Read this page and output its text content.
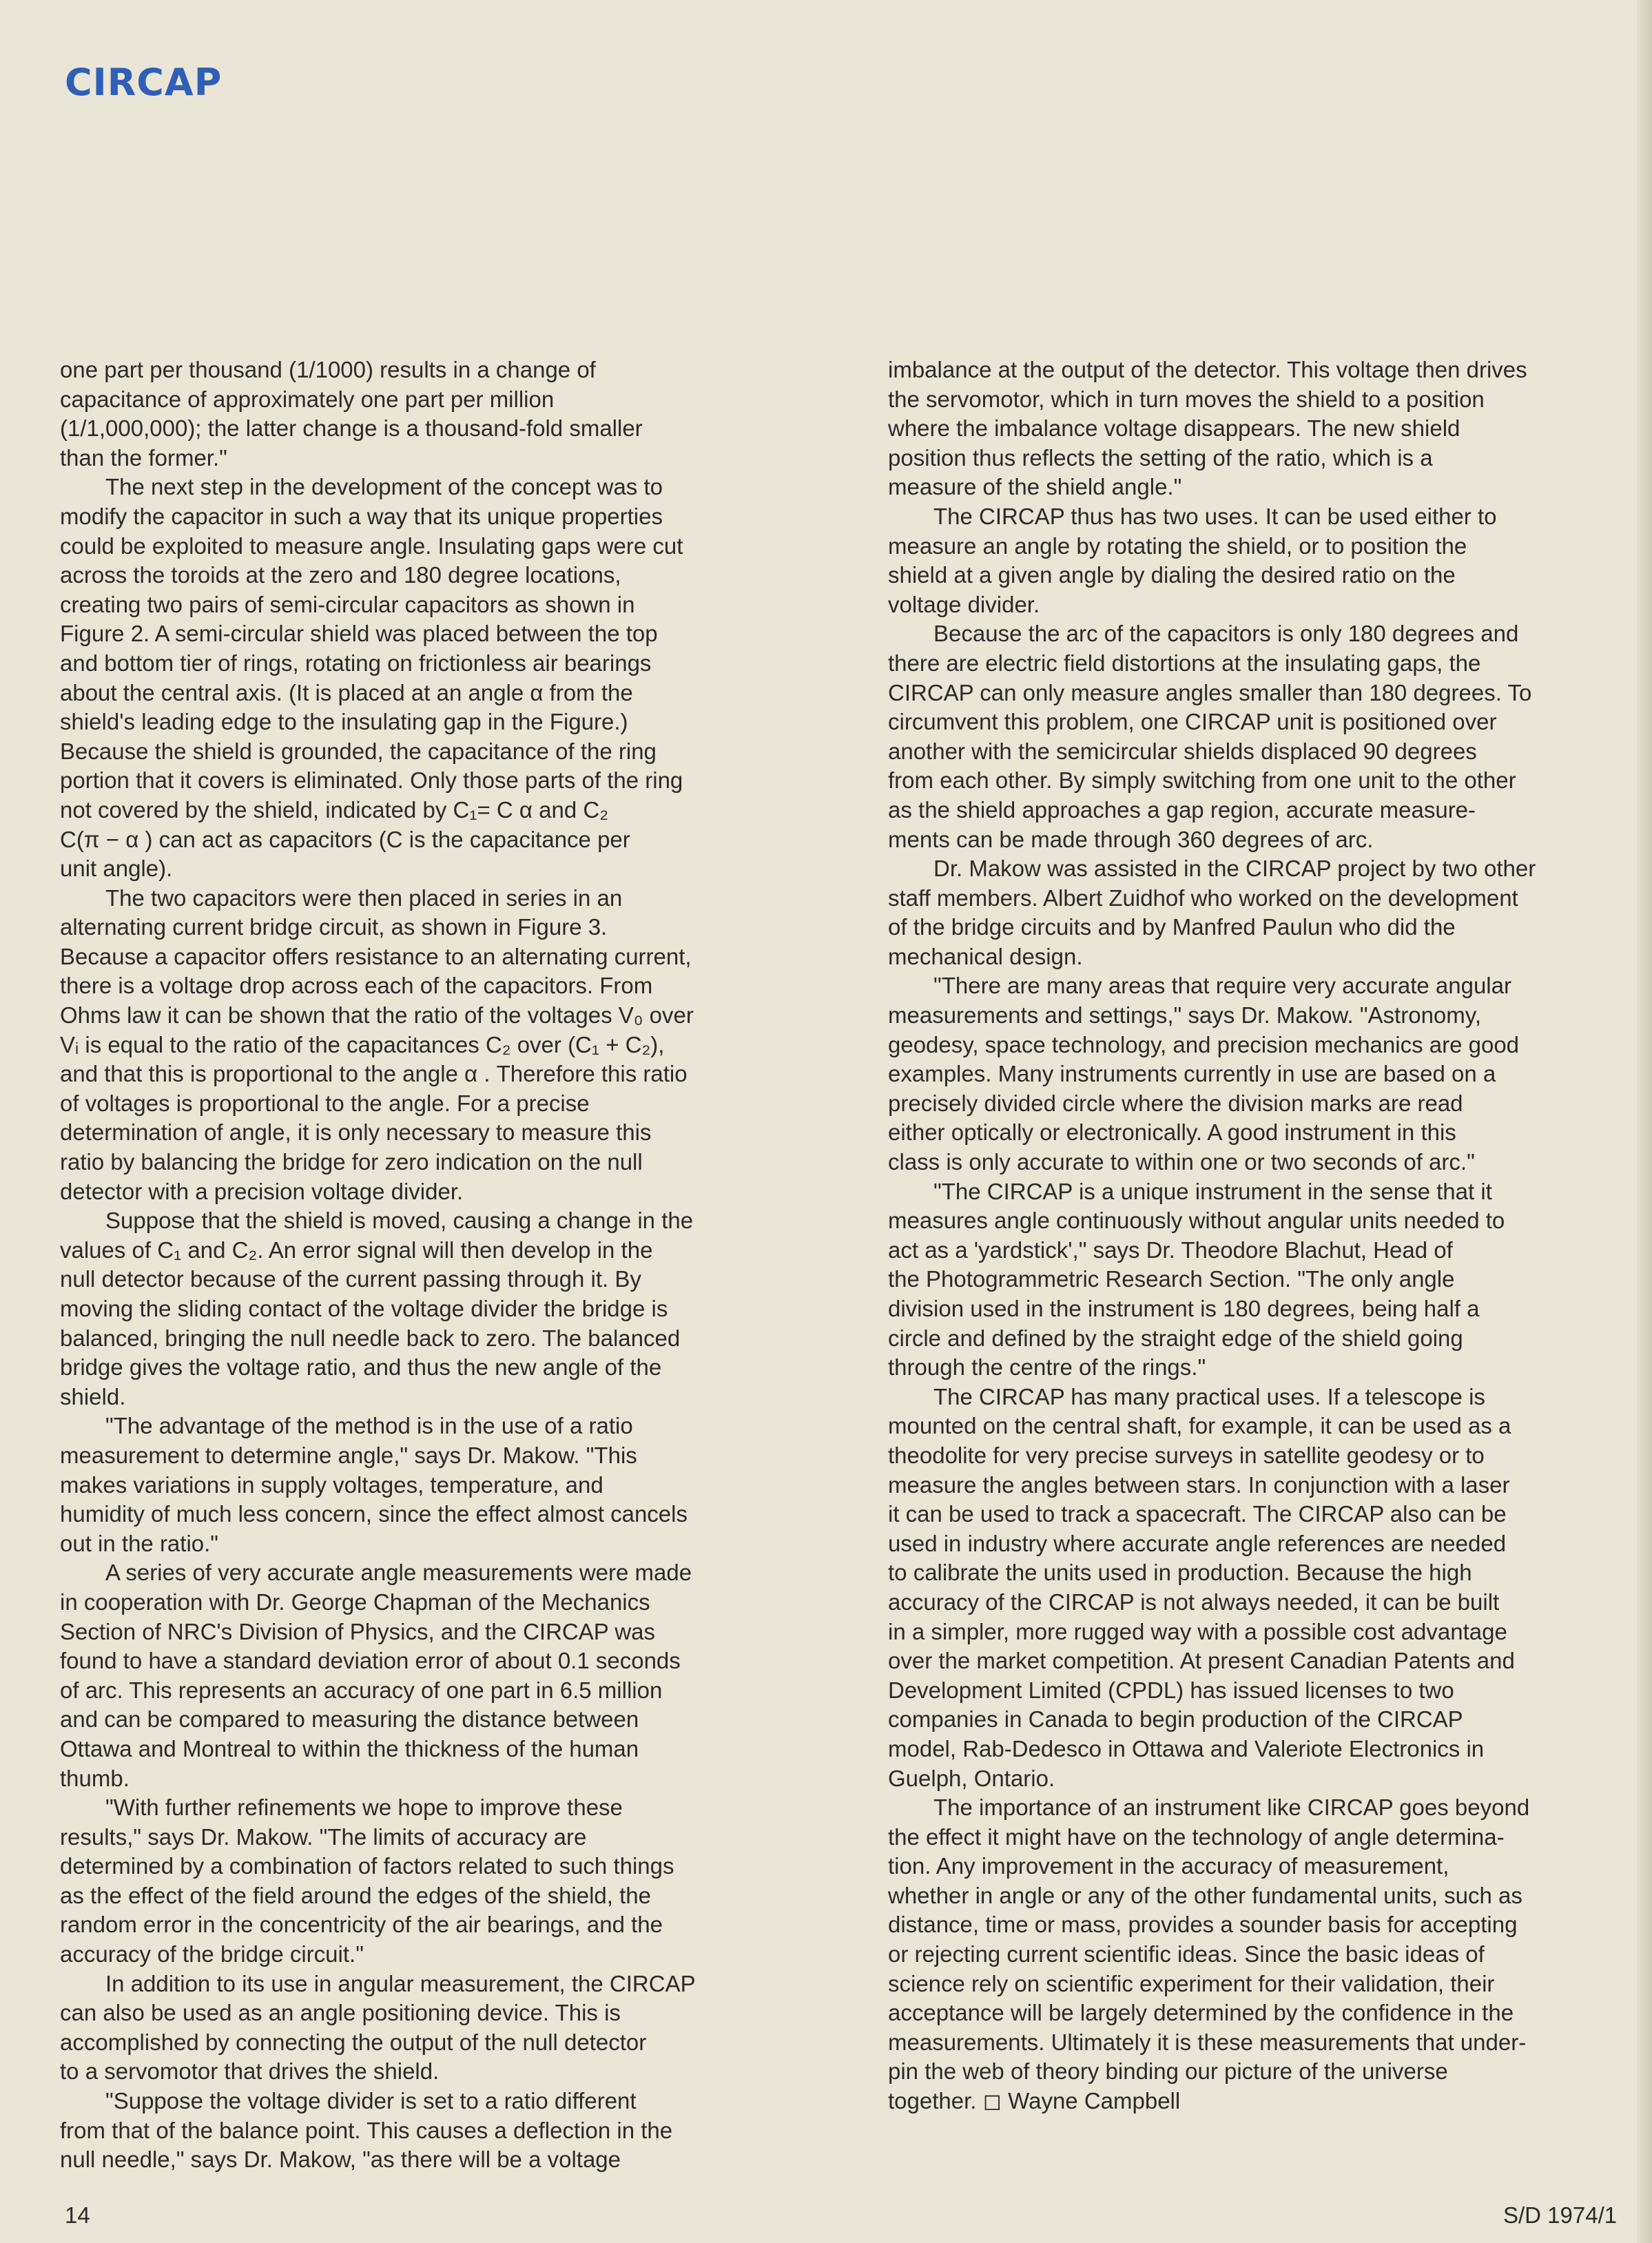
CIRCAP

one part per thousand (1/1000) results in a change of
capacitance of approximately one part per million
(1/1,000,000); the latter change is a thousand-fold smaller
than the former."

The next step in the development of the concept was to
modify the capacitor in such a way that its unique properties
could be exploited to measure angle. Insulating gaps were cut
across the toroids at the zero and 180 degree locations,
creating two pairs of semi-circular capacitors as shown in
Figure 2. A semi-circular shield was placed between the top
and bottom tier of rings, rotating on frictionless air bearings
about the central axis. (It is placed at an angle α from the
shield's leading edge to the insulating gap in the Figure.)
Because the shield is grounded, the capacitance of the ring
portion that it covers is eliminated. Only those parts of the ring
not covered by the shield, indicated by C₁= C α and C₂
C(π − α ) can act as capacitors (C is the capacitance per
unit angle).

The two capacitors were then placed in series in an
alternating current bridge circuit, as shown in Figure 3.
Because a capacitor offers resistance to an alternating current,
there is a voltage drop across each of the capacitors. From
Ohms law it can be shown that the ratio of the voltages V₀ over
Vᵢ is equal to the ratio of the capacitances C₂ over (C₁ + C₂),
and that this is proportional to the angle α . Therefore this ratio
of voltages is proportional to the angle. For a precise
determination of angle, it is only necessary to measure this
ratio by balancing the bridge for zero indication on the null
detector with a precision voltage divider.

Suppose that the shield is moved, causing a change in the
values of C₁ and C₂. An error signal will then develop in the
null detector because of the current passing through it. By
moving the sliding contact of the voltage divider the bridge is
balanced, bringing the null needle back to zero. The balanced
bridge gives the voltage ratio, and thus the new angle of the
shield.

"The advantage of the method is in the use of a ratio
measurement to determine angle," says Dr. Makow. "This
makes variations in supply voltages, temperature, and
humidity of much less concern, since the effect almost cancels
out in the ratio."

A series of very accurate angle measurements were made
in cooperation with Dr. George Chapman of the Mechanics
Section of NRC's Division of Physics, and the CIRCAP was
found to have a standard deviation error of about 0.1 seconds
of arc. This represents an accuracy of one part in 6.5 million
and can be compared to measuring the distance between
Ottawa and Montreal to within the thickness of the human
thumb.

"With further refinements we hope to improve these
results," says Dr. Makow. "The limits of accuracy are
determined by a combination of factors related to such things
as the effect of the field around the edges of the shield, the
random error in the concentricity of the air bearings, and the
accuracy of the bridge circuit."

In addition to its use in angular measurement, the CIRCAP
can also be used as an angle positioning device. This is
accomplished by connecting the output of the null detector
to a servomotor that drives the shield.

"Suppose the voltage divider is set to a ratio different
from that of the balance point. This causes a deflection in the
null needle," says Dr. Makow, "as there will be a voltage

imbalance at the output of the detector. This voltage then drives
the servomotor, which in turn moves the shield to a position
where the imbalance voltage disappears. The new shield
position thus reflects the setting of the ratio, which is a
measure of the shield angle."

The CIRCAP thus has two uses. It can be used either to
measure an angle by rotating the shield, or to position the
shield at a given angle by dialing the desired ratio on the
voltage divider.

Because the arc of the capacitors is only 180 degrees and
there are electric field distortions at the insulating gaps, the
CIRCAP can only measure angles smaller than 180 degrees. To
circumvent this problem, one CIRCAP unit is positioned over
another with the semicircular shields displaced 90 degrees
from each other. By simply switching from one unit to the other
as the shield approaches a gap region, accurate measure-
ments can be made through 360 degrees of arc.

Dr. Makow was assisted in the CIRCAP project by two other
staff members. Albert Zuidhof who worked on the development
of the bridge circuits and by Manfred Paulun who did the
mechanical design.

"There are many areas that require very accurate angular
measurements and settings," says Dr. Makow. "Astronomy,
geodesy, space technology, and precision mechanics are good
examples. Many instruments currently in use are based on a
precisely divided circle where the division marks are read
either optically or electronically. A good instrument in this
class is only accurate to within one or two seconds of arc."

"The CIRCAP is a unique instrument in the sense that it
measures angle continuously without angular units needed to
act as a 'yardstick'," says Dr. Theodore Blachut, Head of
the Photogrammetric Research Section. "The only angle
division used in the instrument is 180 degrees, being half a
circle and defined by the straight edge of the shield going
through the centre of the rings."

The CIRCAP has many practical uses. If a telescope is
mounted on the central shaft, for example, it can be used as a
theodolite for very precise surveys in satellite geodesy or to
measure the angles between stars. In conjunction with a laser
it can be used to track a spacecraft. The CIRCAP also can be
used in industry where accurate angle references are needed
to calibrate the units used in production. Because the high
accuracy of the CIRCAP is not always needed, it can be built
in a simpler, more rugged way with a possible cost advantage
over the market competition. At present Canadian Patents and
Development Limited (CPDL) has issued licenses to two
companies in Canada to begin production of the CIRCAP
model, Rab-Dedesco in Ottawa and Valeriote Electronics in
Guelph, Ontario.

The importance of an instrument like CIRCAP goes beyond
the effect it might have on the technology of angle determina-
tion. Any improvement in the accuracy of measurement,
whether in angle or any of the other fundamental units, such as
distance, time or mass, provides a sounder basis for accepting
or rejecting current scientific ideas. Since the basic ideas of
science rely on scientific experiment for their validation, their
acceptance will be largely determined by the confidence in the
measurements. Ultimately it is these measurements that under-
pin the web of theory binding our picture of the universe
together. ◻ Wayne Campbell

14	S/D 1974/1
